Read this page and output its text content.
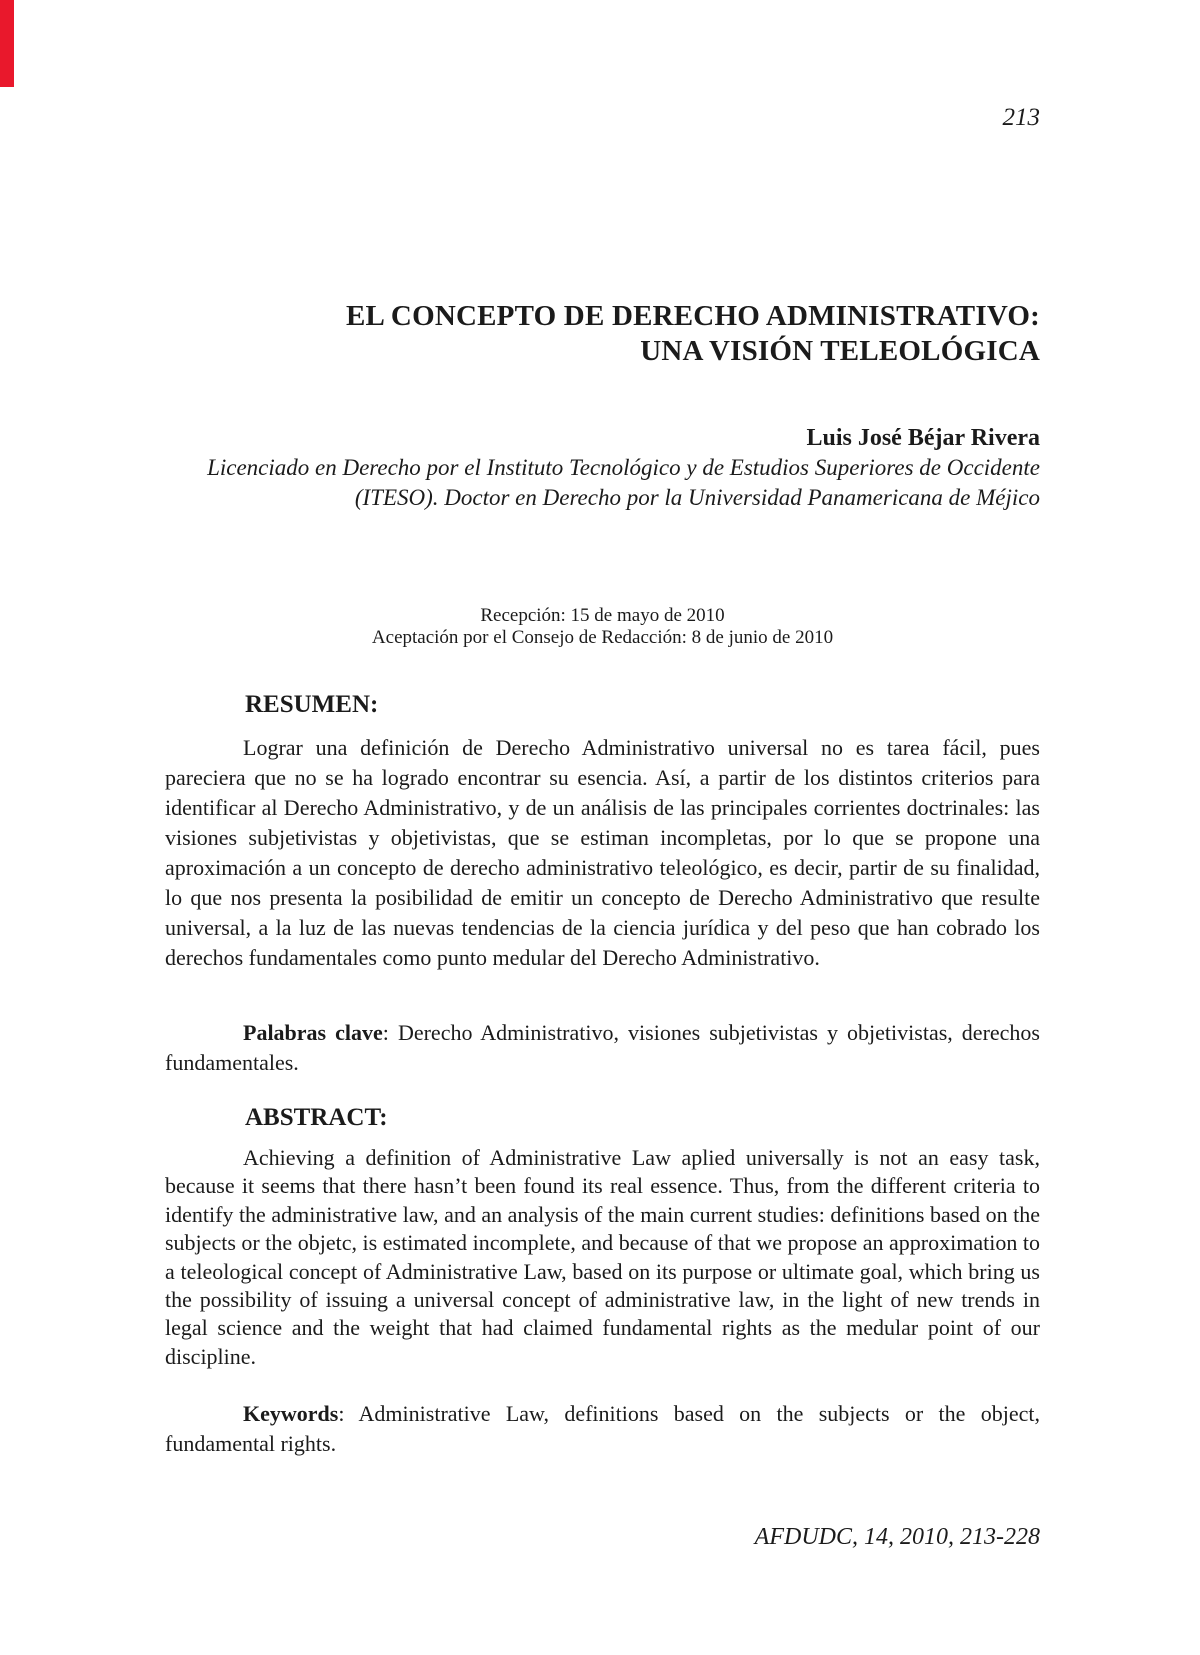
213
EL CONCEPTO DE DERECHO ADMINISTRATIVO:
UNA VISIÓN TELEOLÓGICA
Luis José Béjar Rivera
Licenciado en Derecho por el Instituto Tecnológico y de Estudios Superiores de Occidente
(ITESO). Doctor en Derecho por la Universidad Panamericana de Méjico
Recepción: 15 de mayo de 2010
Aceptación por el Consejo de Redacción: 8 de junio de 2010
RESUMEN:
Lograr una definición de Derecho Administrativo universal no es tarea fácil, pues pareciera que no se ha logrado encontrar su esencia. Así, a partir de los distintos criterios para identificar al Derecho Administrativo, y de un análisis de las principales corrientes doctrinales: las visiones subjetivistas y objetivistas, que se estiman incompletas, por lo que se propone una aproximación a un concepto de derecho administrativo teleológico, es decir, partir de su finalidad, lo que nos presenta la posibilidad de emitir un concepto de Derecho Administrativo que resulte universal, a la luz de las nuevas tendencias de la ciencia jurídica y del peso que han cobrado los derechos fundamentales como punto medular del Derecho Administrativo.
Palabras clave: Derecho Administrativo, visiones subjetivistas y objetivistas, derechos fundamentales.
ABSTRACT:
Achieving a definition of Administrative Law aplied universally is not an easy task, because it seems that there hasn’t been found its real essence. Thus, from the different criteria to identify the administrative law, and an analysis of the main current studies: definitions based on the subjects or the objetc, is estimated incomplete, and because of that we propose an approximation to a teleological concept of Administrative Law, based on its purpose or ultimate goal, which bring us the possibility of issuing a universal concept of administrative law, in the light of new trends in legal science and the weight that had claimed fundamental rights as the medular point of our discipline.
Keywords: Administrative Law, definitions based on the subjects or the object, fundamental rights.
AFDUDC, 14, 2010, 213-228
